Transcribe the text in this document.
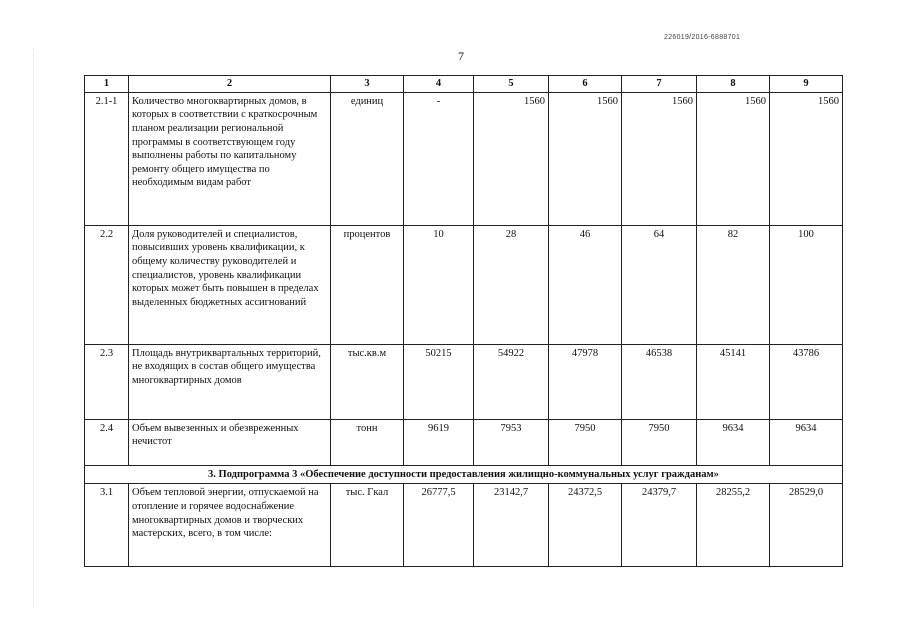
226019/2016-6888701
7
1	2	3	4	5	6	7	8	9
2.1-1	Количество многоквартирных домов, в которых в соответствии с краткосрочным планом реализации региональной программы в соответствующем году выполнены работы по капитальному ремонту общего имущества по необходимым видам работ	единиц	-	1560	1560	1560	1560	1560
2.2	Доля руководителей и специалистов, повысивших уровень квалификации, к общему количеству руководителей и специалистов, уровень квалификации которых может быть повышен в пределах выделенных бюджетных ассигнований	процентов	10	28	46	64	82	100
2.3	Площадь внутриквартальных территорий, не входящих в состав общего имущества многоквартирных домов	тыс.кв.м	50215	54922	47978	46538	45141	43786
2.4	Объем вывезенных и обезвреженных нечистот	тонн	9619	7953	7950	7950	9634	9634
3. Подпрограмма 3 «Обеспечение доступности предоставления жилищно-коммунальных услуг гражданам»								
3.1	Объем тепловой энергии, отпускаемой на отопление и горячее водоснабжение многоквартирных домов и творческих мастерских, всего, в том числе:	тыс. Гкал	26777,5	23142,7	24372,5	24379,7	28255,2	28529,0
